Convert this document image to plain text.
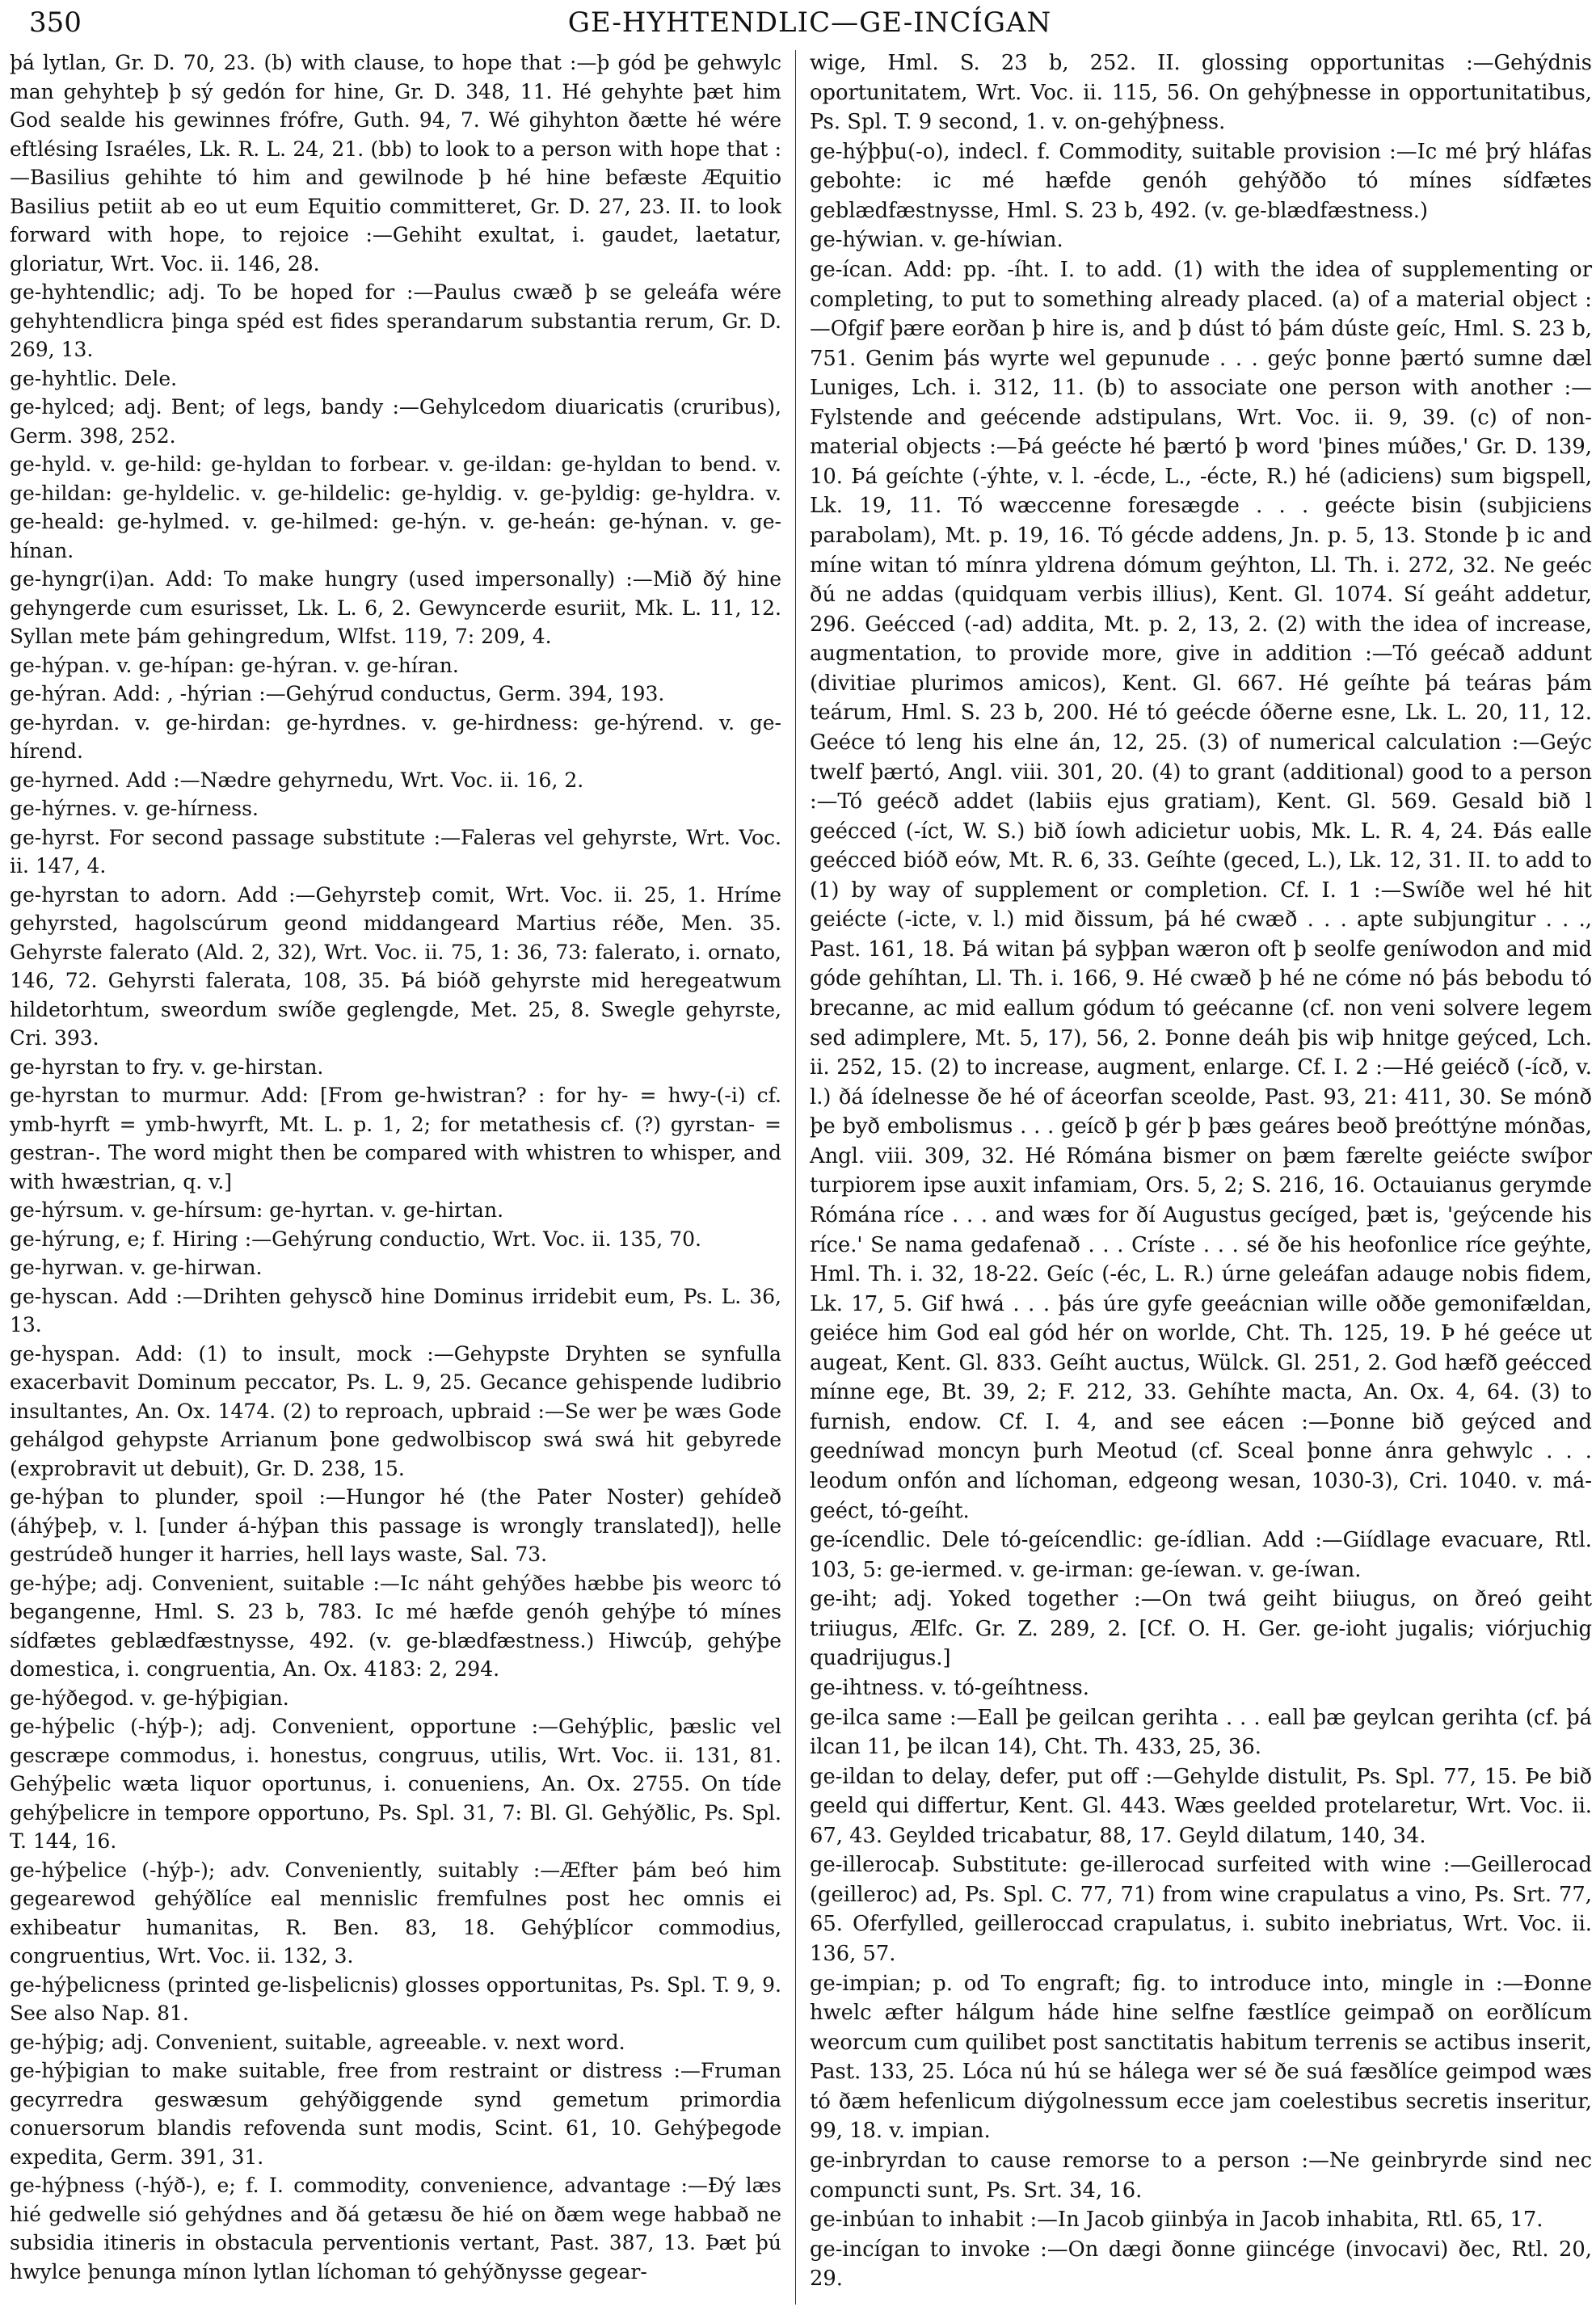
350	GE-HYHTENDLIC—GE-INCÍGAN

þá lytlan, Gr. D. 70, 23. (b) with clause, to hope that :—þ gód þe gehwylc man gehyhteþ þ sý gedón for hine, Gr. D. 348, 11. Hé gehyhte þæt him God sealde his gewinnes frófre, Guth. 94, 7. Wé gihyhton ðætte hé wére eftlésing Israéles, Lk. R. L. 24, 21. (bb) to look to a person with hope that :—Basilius gehihte tó him and gewilnode þ hé hine befæste Æquitio Basilius petiit ab eo ut eum Equitio committeret, Gr. D. 27, 23. II. to look forward with hope, to rejoice :—Gehiht exultat, i. gaudet, laetatur, gloriatur, Wrt. Voc. ii. 146, 28.

ge-hyhtendlic; adj. To be hoped for :—Paulus cwæð þ se geleáfa wére gehyhtendlicra þinga spéd est fides sperandarum substantia rerum, Gr. D. 269, 13.

ge-hyhtlic. Dele.

ge-hylced; adj. Bent; of legs, bandy :—Gehylcedom diuaricatis (cruribus), Germ. 398, 252.

ge-hyld. v. ge-hild: ge-hyldan to forbear. v. ge-ildan: ge-hyldan to bend. v. ge-hildan: ge-hyldelic. v. ge-hildelic: ge-hyldig. v. ge-þyldig: ge-hyldra. v. ge-heald: ge-hylmed. v. ge-hilmed: ge-hýn. v. ge-heán: ge-hýnan. v. ge-hínan.

ge-hyngr(i)an. Add: To make hungry (used impersonally) :—Mið ðý hine gehyngerde cum esurisset, Lk. L. 6, 2. Gewyncerde esuriit, Mk. L. 11, 12. Syllan mete þám gehingredum, Wlfst. 119, 7: 209, 4.

ge-hýpan. v. ge-hípan: ge-hýran. v. ge-híran.

ge-hýran. Add: , -hýrian :—Gehýrud conductus, Germ. 394, 193.

ge-hyrdan. v. ge-hirdan: ge-hyrdnes. v. ge-hirdness: ge-hýrend. v. ge-hírend.

ge-hyrned. Add :—Nædre gehyrnedu, Wrt. Voc. ii. 16, 2.

ge-hýrnes. v. ge-hírness.

ge-hyrst. For second passage substitute :—Faleras vel gehyrste, Wrt. Voc. ii. 147, 4.

ge-hyrstan to adorn. Add :—Gehyrsteþ comit, Wrt. Voc. ii. 25, 1. Hríme gehyrsted, hagolscúrum geond middangeard Martius réðe, Men. 35. Gehyrste falerato (Ald. 2, 32), Wrt. Voc. ii. 75, 1: 36, 73: falerato, i. ornato, 146, 72. Gehyrsti falerata, 108, 35. Þá bióð gehyrste mid heregeatwum hildetorhtum, sweordum swíðe geglengde, Met. 25, 8. Swegle gehyrste, Cri. 393.

ge-hyrstan to fry. v. ge-hirstan.

ge-hyrstan to murmur. Add: [From ge-hwistran? : for hy- = hwy-(-i) cf. ymb-hyrft = ymb-hwyrft, Mt. L. p. 1, 2; for metathesis cf. (?) gyrstan- = gestran-. The word might then be compared with whistren to whisper, and with hwæstrian, q. v.]

ge-hýrsum. v. ge-hírsum: ge-hyrtan. v. ge-hirtan.

ge-hýrung, e; f. Hiring :—Gehýrung conductio, Wrt. Voc. ii. 135, 70.

ge-hyrwan. v. ge-hirwan.

ge-hyscan. Add :—Drihten gehyscð hine Dominus irridebit eum, Ps. L. 36, 13.

ge-hyspan. Add: (1) to insult, mock :—Gehypste Dryhten se synfulla exacerbavit Dominum peccator, Ps. L. 9, 25. Gecance gehispende ludibrio insultantes, An. Ox. 1474. (2) to reproach, upbraid :—Se wer þe wæs Gode gehálgod gehypste Arrianum þone gedwolbiscop swá swá hit gebyrede (exprobravit ut debuit), Gr. D. 238, 15.

ge-hýþan to plunder, spoil :—Hungor hé (the Pater Noster) gehídeð (áhýþeþ, v. l. [under á-hýþan this passage is wrongly translated]), helle gestrúdeð hunger it harries, hell lays waste, Sal. 73.

ge-hýþe; adj. Convenient, suitable :—Ic náht gehýðes hæbbe þis weorc tó begangenne, Hml. S. 23 b, 783. Ic mé hæfde genóh gehýþe tó mínes sídfætes geblædfæstnysse, 492. (v. ge-blædfæstness.) Hiwcúþ, gehýþe domestica, i. congruentia, An. Ox. 4183: 2, 294.

ge-hýðegod. v. ge-hýþigian.

ge-hýþelic (-hýþ-); adj. Convenient, opportune :—Gehýþlic, þæslic vel gescræpe commodus, i. honestus, congruus, utilis, Wrt. Voc. ii. 131, 81. Gehýþelic wæta liquor oportunus, i. conueniens, An. Ox. 2755. On tíde gehýþelicre in tempore opportuno, Ps. Spl. 31, 7: Bl. Gl. Gehýðlic, Ps. Spl. T. 144, 16.

ge-hýþelice (-hýþ-); adv. Conveniently, suitably :—Æfter þám beó him gegearewod gehýðlíce eal mennislic fremfulnes post hec omnis ei exhibeatur humanitas, R. Ben. 83, 18. Gehýþlícor commodius, congruentius, Wrt. Voc. ii. 132, 3.

ge-hýþelicness (printed ge-lisþelicnis) glosses opportunitas, Ps. Spl. T. 9, 9. See also Nap. 81.

ge-hýþig; adj. Convenient, suitable, agreeable. v. next word.

ge-hýþigian to make suitable, free from restraint or distress :—Fruman gecyrredra geswæsum gehýðiggende synd gemetum primordia conuersorum blandis refovenda sunt modis, Scint. 61, 10. Gehýþegode expedita, Germ. 391, 31.

ge-hýþness (-hýð-), e; f. I. commodity, convenience, advantage :—Ðý læs hié gedwelle sió gehýdnes and ðá getæsu ðe hié on ðæm wege habbað ne subsidia itineris in obstacula perventionis vertant, Past. 387, 13. Þæt þú hwylce þenunga mínon lytlan líchoman tó gehýðnysse gegear-

wige, Hml. S. 23 b, 252. II. glossing opportunitas :—Gehýdnis oportunitatem, Wrt. Voc. ii. 115, 56. On gehýþnesse in opportunitatibus, Ps. Spl. T. 9 second, 1. v. on-gehýþness.

ge-hýþþu(-o), indecl. f. Commodity, suitable provision :—Ic mé þrý hláfas gebohte: ic mé hæfde genóh gehýððo tó mínes sídfætes geblædfæstnysse, Hml. S. 23 b, 492. (v. ge-blædfæstness.)

ge-hýwian. v. ge-híwian.

ge-ícan. Add: pp. -íht. I. to add. (1) with the idea of supplementing or completing, to put to something already placed. (a) of a material object :—Ofgif þære eorðan þ hire is, and þ dúst tó þám dúste geíc, Hml. S. 23 b, 751. Genim þás wyrte wel gepunude . . . geýc þonne þærtó sumne dæl Luniges, Lch. i. 312, 11. (b) to associate one person with another :—Fylstende and geécende adstipulans, Wrt. Voc. ii. 9, 39. (c) of non-material objects :—Þá geécte hé þærtó þ word 'þines múðes,' Gr. D. 139, 10. Þá geíchte (-ýhte, v. l. -écde, L., -écte, R.) hé (adiciens) sum bigspell, Lk. 19, 11. Tó wæccenne foresægde . . . geécte bisin (subjiciens parabolam), Mt. p. 19, 16. Tó gécde addens, Jn. p. 5, 13. Stonde þ ic and míne witan tó mínra yldrena dómum geýhton, Ll. Th. i. 272, 32. Ne geéc ðú ne addas (quidquam verbis illius), Kent. Gl. 1074. Sí geáht addetur, 296. Geécced (-ad) addita, Mt. p. 2, 13, 2. (2) with the idea of increase, augmentation, to provide more, give in addition :—Tó geécað addunt (divitiae plurimos amicos), Kent. Gl. 667. Hé geíhte þá teáras þám teárum, Hml. S. 23 b, 200. Hé tó geécde óðerne esne, Lk. L. 20, 11, 12. Geéce tó leng his elne án, 12, 25. (3) of numerical calculation :—Geýc twelf þærtó, Angl. viii. 301, 20. (4) to grant (additional) good to a person :—Tó geécð addet (labiis ejus gratiam), Kent. Gl. 569. Gesald bið l geécced (-íct, W. S.) bið íowh adicietur uobis, Mk. L. R. 4, 24. Ðás ealle geécced bióð eów, Mt. R. 6, 33. Geíhte (geced, L.), Lk. 12, 31. II. to add to (1) by way of supplement or completion. Cf. I. 1 :—Swíðe wel hé hit geiécte (-icte, v. l.) mid ðissum, þá hé cwæð . . . apte subjungitur . . ., Past. 161, 18. Þá witan þá syþþan wæron oft þ seolfe geníwodon and mid góde gehíhtan, Ll. Th. i. 166, 9. Hé cwæð þ hé ne cóme nó þás bebodu tó brecanne, ac mid eallum gódum tó geécanne (cf. non veni solvere legem sed adimplere, Mt. 5, 17), 56, 2. Þonne deáh þis wiþ hnitge geýced, Lch. ii. 252, 15. (2) to increase, augment, enlarge. Cf. I. 2 :—Hé geiécð (-ícð, v. l.) ðá ídelnesse ðe hé of áceorfan sceolde, Past. 93, 21: 411, 30. Se mónð þe byð embolismus . . . geícð þ gér þ þæs geáres beoð þreóttýne mónðas, Angl. viii. 309, 32. Hé Rómána bismer on þæm færelte geiécte swíþor turpiorem ipse auxit infamiam, Ors. 5, 2; S. 216, 16. Octauianus gerymde Rómána ríce . . . and wæs for ðí Augustus gecíged, þæt is, 'geýcende his ríce.' Se nama gedafenað . . . Críste . . . sé ðe his heofonlice ríce geýhte, Hml. Th. i. 32, 18-22. Geíc (-éc, L. R.) úrne geleáfan adauge nobis fidem, Lk. 17, 5. Gif hwá . . . þás úre gyfe geeácnian wille oððe gemonifældan, geiéce him God eal gód hér on worlde, Cht. Th. 125, 19. Þ hé geéce ut augeat, Kent. Gl. 833. Geíht auctus, Wülck. Gl. 251, 2. God hæfð geécced mínne ege, Bt. 39, 2; F. 212, 33. Gehíhte macta, An. Ox. 4, 64. (3) to furnish, endow. Cf. I. 4, and see eácen :—Þonne bið geýced and geedníwad moncyn þurh Meotud (cf. Sceal þonne ánra gehwylc . . . leodum onfón and líchoman, edgeong wesan, 1030-3), Cri. 1040. v. má-geéct, tó-geíht.

ge-ícendlic. Dele tó-geícendlic: ge-ídlian. Add :—Giídlage evacuare, Rtl. 103, 5: ge-iermed. v. ge-irman: ge-íewan. v. ge-íwan.

ge-iht; adj. Yoked together :—On twá geiht biiugus, on ðreó geiht triiugus, Ælfc. Gr. Z. 289, 2. [Cf. O. H. Ger. ge-ioht jugalis; viórjuchig quadrijugus.]

ge-ihtness. v. tó-geíhtness.

ge-ilca same :—Eall þe geilcan gerihta . . . eall þæ geylcan gerihta (cf. þá ilcan 11, þe ilcan 14), Cht. Th. 433, 25, 36.

ge-ildan to delay, defer, put off :—Gehylde distulit, Ps. Spl. 77, 15. Þe bið geeld qui differtur, Kent. Gl. 443. Wæs geelded protelaretur, Wrt. Voc. ii. 67, 43. Geylded tricabatur, 88, 17. Geyld dilatum, 140, 34.

ge-illerocaþ. Substitute: ge-illerocad surfeited with wine :—Geillerocad (geilleroc) ad, Ps. Spl. C. 77, 71) from wine crapulatus a vino, Ps. Srt. 77, 65. Oferfylled, geilleroccad crapulatus, i. subito inebriatus, Wrt. Voc. ii. 136, 57.

ge-impian; p. od To engraft; fig. to introduce into, mingle in :—Ðonne hwelc æfter hálgum háde hine selfne fæstlíce geimpað on eorðlícum weorcum cum quilibet post sanctitatis habitum terrenis se actibus inserit, Past. 133, 25. Lóca nú hú se hálega wer sé ðe suá fæsðlíce geimpod wæs tó ðæm hefenlicum diýgolnessum ecce jam coelestibus secretis inseritur, 99, 18. v. impian.

ge-inbryrdan to cause remorse to a person :—Ne geinbryrde sind nec compuncti sunt, Ps. Srt. 34, 16.

ge-inbúan to inhabit :—In Jacob giinbýa in Jacob inhabita, Rtl. 65, 17.

ge-incígan to invoke :—On dægi ðonne giincége (invocavi) ðec, Rtl. 20, 29.
